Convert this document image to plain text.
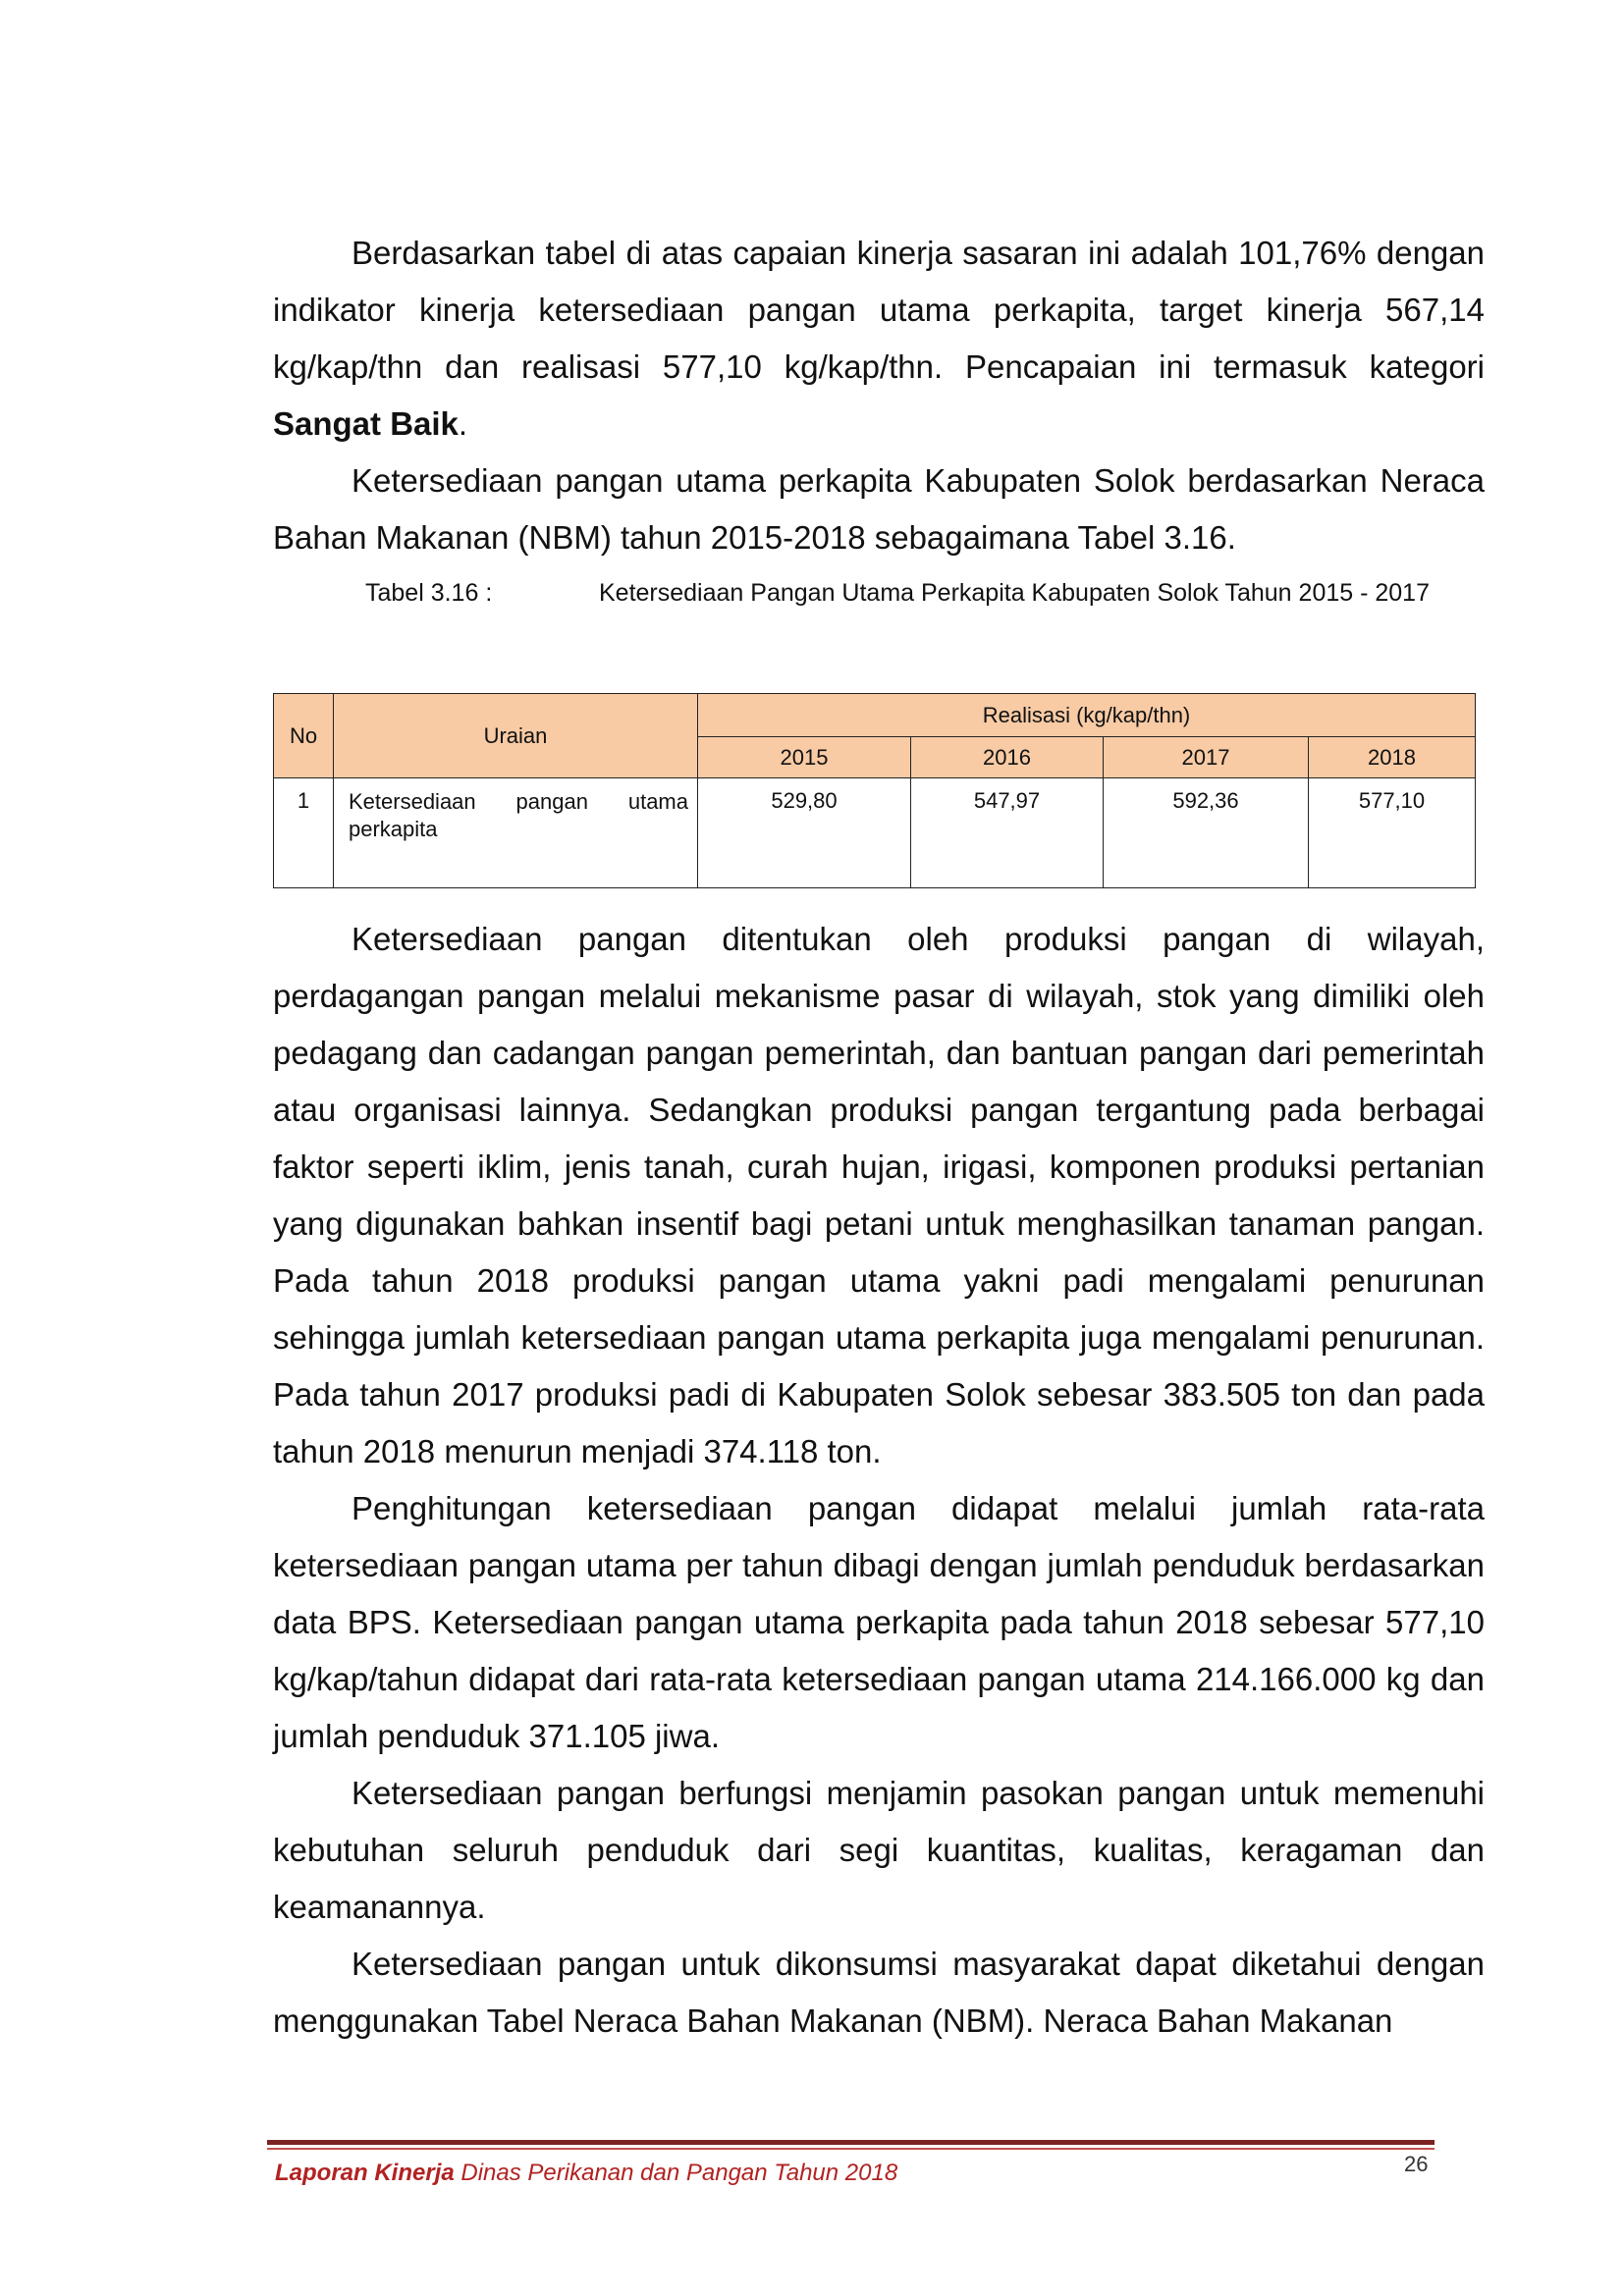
Berdasarkan tabel di atas capaian kinerja sasaran ini adalah 101,76% dengan indikator kinerja ketersediaan pangan utama perkapita, target kinerja 567,14 kg/kap/thn dan realisasi 577,10 kg/kap/thn. Pencapaian ini termasuk kategori Sangat Baik.

Ketersediaan pangan utama perkapita Kabupaten Solok berdasarkan Neraca Bahan Makanan (NBM) tahun 2015-2018 sebagaimana Tabel 3.16.

Tabel 3.16 :	Ketersediaan Pangan Utama Perkapita Kabupaten Solok Tahun 2015 - 2017
No	Uraian	Realisasi (kg/kap/thn)			
		2015	2016	2017	2018
1	Ketersediaan pangan utama perkapita	529,80	547,97	592,36	577,10

Ketersediaan pangan ditentukan oleh produksi pangan di wilayah, perdagangan pangan melalui mekanisme pasar di wilayah, stok yang dimiliki oleh pedagang dan cadangan pangan pemerintah, dan bantuan pangan dari pemerintah atau organisasi lainnya. Sedangkan produksi pangan tergantung pada berbagai faktor seperti iklim, jenis tanah, curah hujan, irigasi, komponen produksi pertanian yang digunakan bahkan insentif bagi petani untuk menghasilkan tanaman pangan. Pada tahun 2018 produksi pangan utama yakni padi mengalami penurunan sehingga jumlah ketersediaan pangan utama perkapita juga mengalami penurunan. Pada tahun 2017 produksi padi di Kabupaten Solok sebesar 383.505 ton dan pada tahun 2018 menurun menjadi 374.118 ton.

Penghitungan ketersediaan pangan didapat melalui jumlah rata-rata ketersediaan pangan utama per tahun dibagi dengan jumlah penduduk berdasarkan data BPS. Ketersediaan pangan utama perkapita pada tahun 2018 sebesar 577,10 kg/kap/tahun didapat dari rata-rata ketersediaan pangan utama 214.166.000 kg dan jumlah penduduk 371.105 jiwa.

Ketersediaan pangan berfungsi menjamin pasokan pangan untuk memenuhi kebutuhan seluruh penduduk dari segi kuantitas, kualitas, keragaman dan keamanannya.

Ketersediaan pangan untuk dikonsumsi masyarakat dapat diketahui dengan menggunakan Tabel Neraca Bahan Makanan (NBM). Neraca Bahan Makanan

Laporan Kinerja Dinas Perikanan dan Pangan Tahun 2018	26
